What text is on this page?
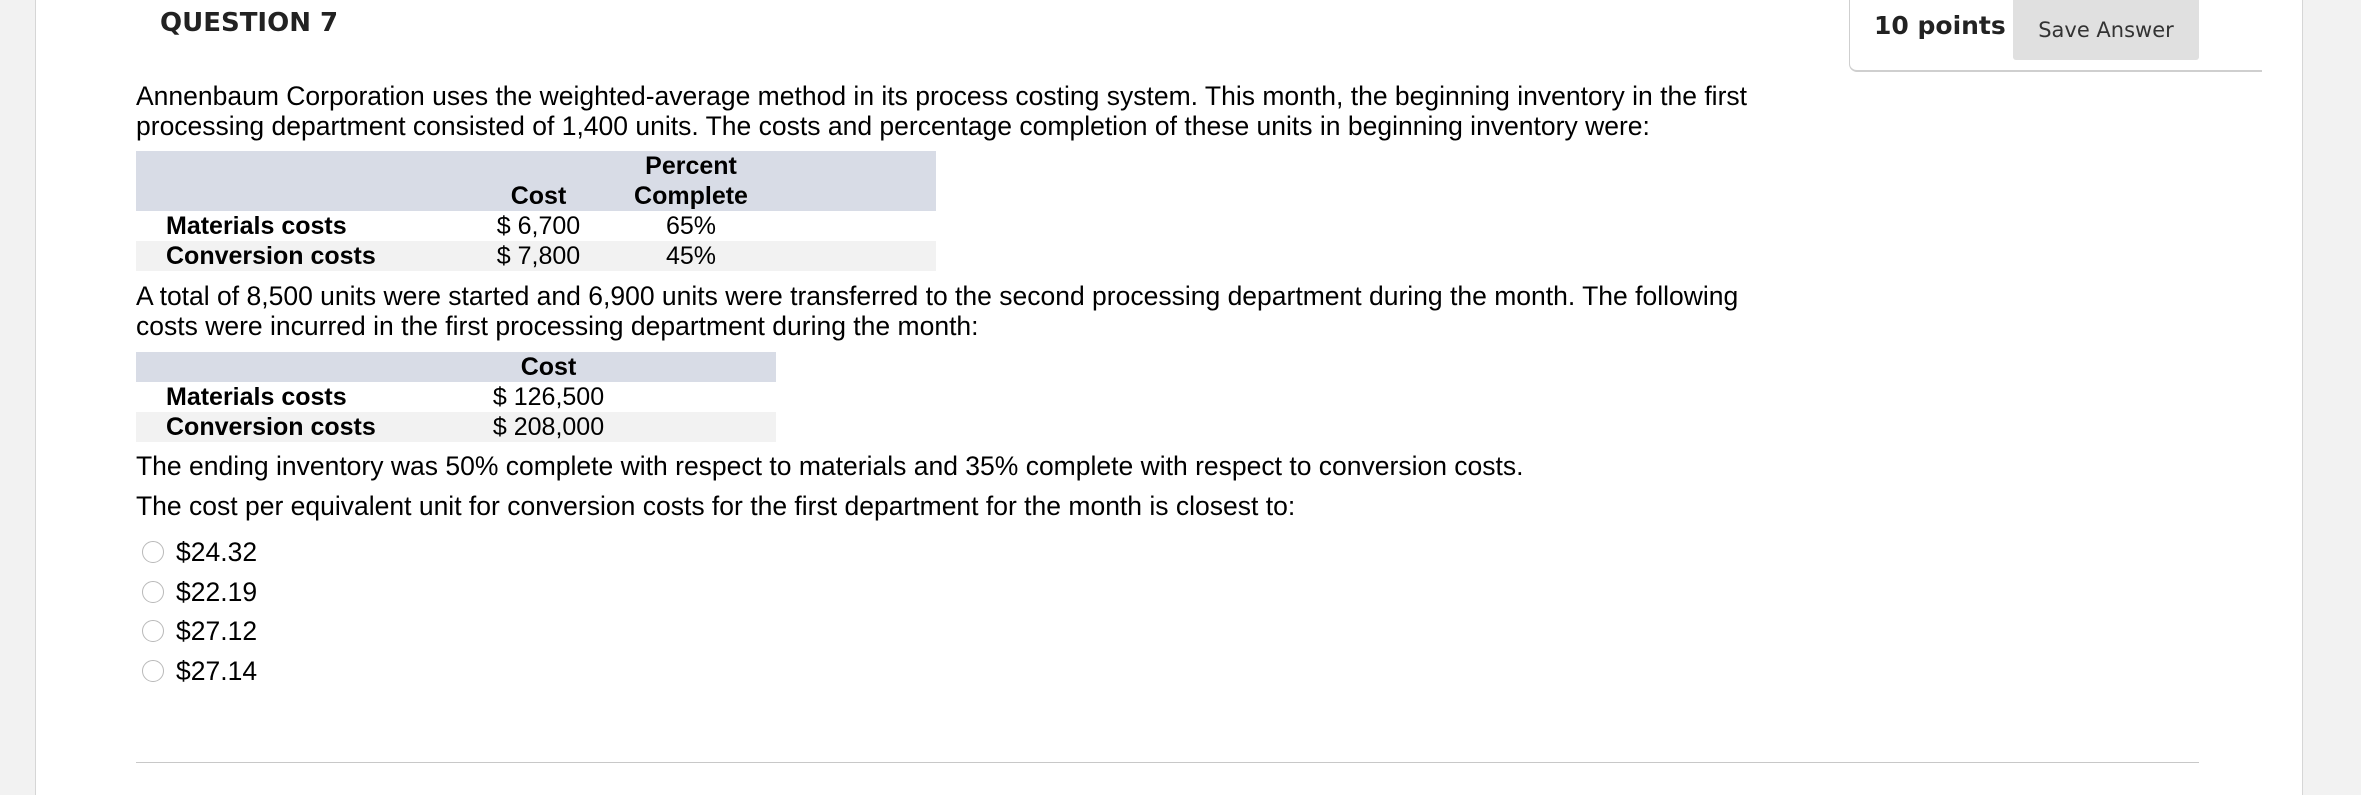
QUESTION 7	10 points	Save Answer
Annenbaum Corporation uses the weighted-average method in its process costing system. This month, the beginning inventory in the first
processing department consisted of 1,400 units. The costs and percentage completion of these units in beginning inventory were:
		Percent	
	Cost	Complete	
Materials costs	$ 6,700	65%	
Conversion costs	$ 7,800	45%	
A total of 8,500 units were started and 6,900 units were transferred to the second processing department during the month. The following
costs were incurred in the first processing department during the month:
	Cost	
Materials costs	$ 126,500	
Conversion costs	$ 208,000	
The ending inventory was 50% complete with respect to materials and 35% complete with respect to conversion costs.
The cost per equivalent unit for conversion costs for the first department for the month is closest to:
$24.32
$22.19
$27.12
$27.14
